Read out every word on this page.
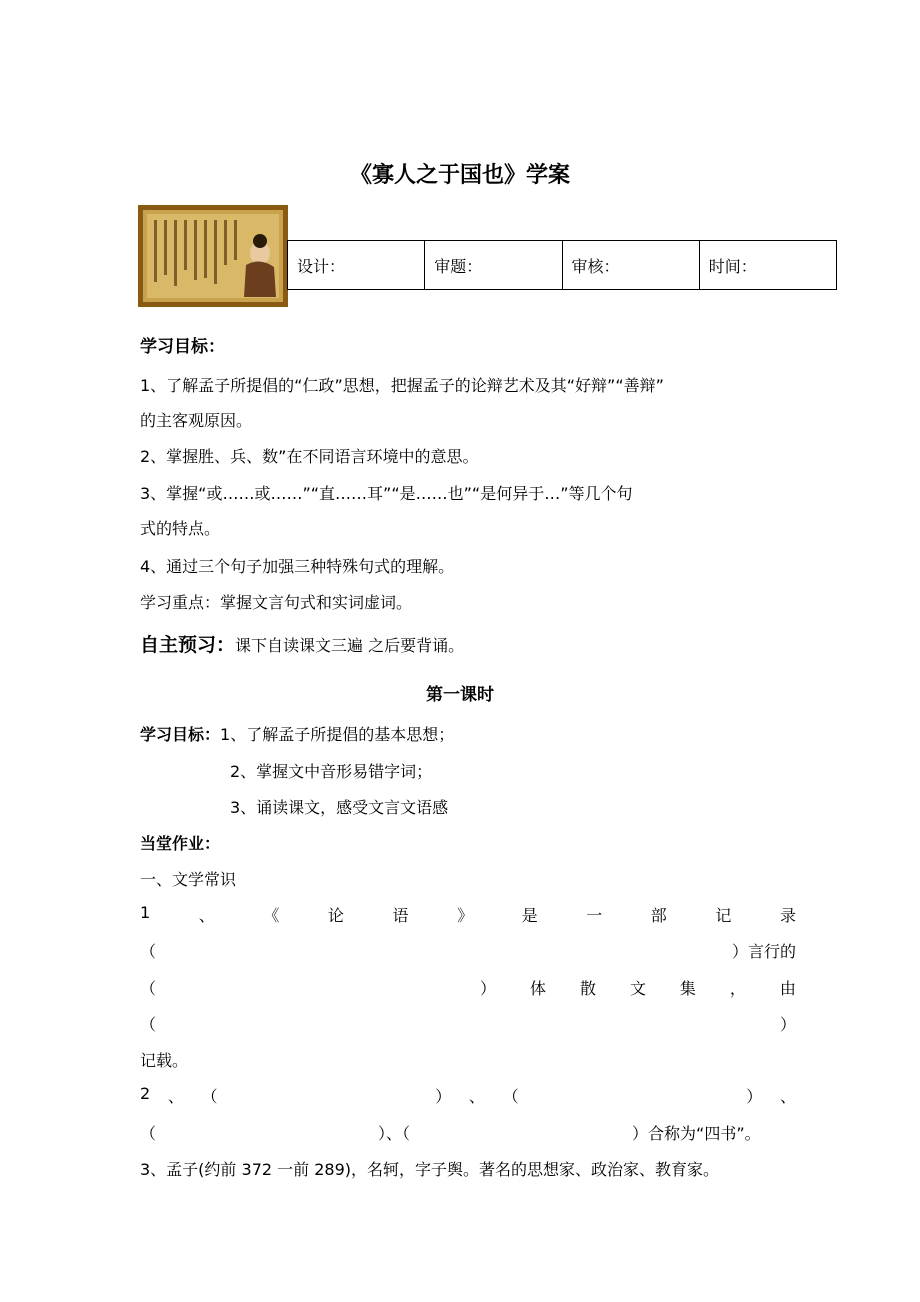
《寡人之于国也》学案
设计：	审题：	审核：	时间：
学习目标：
1、了解孟子所提倡的“仁政”思想，把握孟子的论辩艺术及其“好辩”“善辩”
的主客观原因。
2、掌握胜、兵、数”在不同语言环境中的意思。
3、掌握“或……或……”“直……耳”“是……也”“是何异于…”等几个句
式的特点。
4、通过三个句子加强三种特殊句式的理解。
学习重点：掌握文言句式和实词虚词。
自主预习：课下自读课文三遍 之后要背诵。
第一课时
学习目标：1、了解孟子所提倡的基本思想；
2、掌握文中音形易错字词；
3、诵读课文，感受文言文语感
当堂作业：
一、文学常识
1	、	《	论	语	》	是	一	部	记	录
（	）言行的
（	） 体 散 文 集 ， 由
（	）
记载。
2 、 （	） 、 （	） 、
（	）、（	）合称为“四书”。
3、孟子(约前 372 一前 289)，名轲，字子舆。著名的思想家、政治家、教育家。
